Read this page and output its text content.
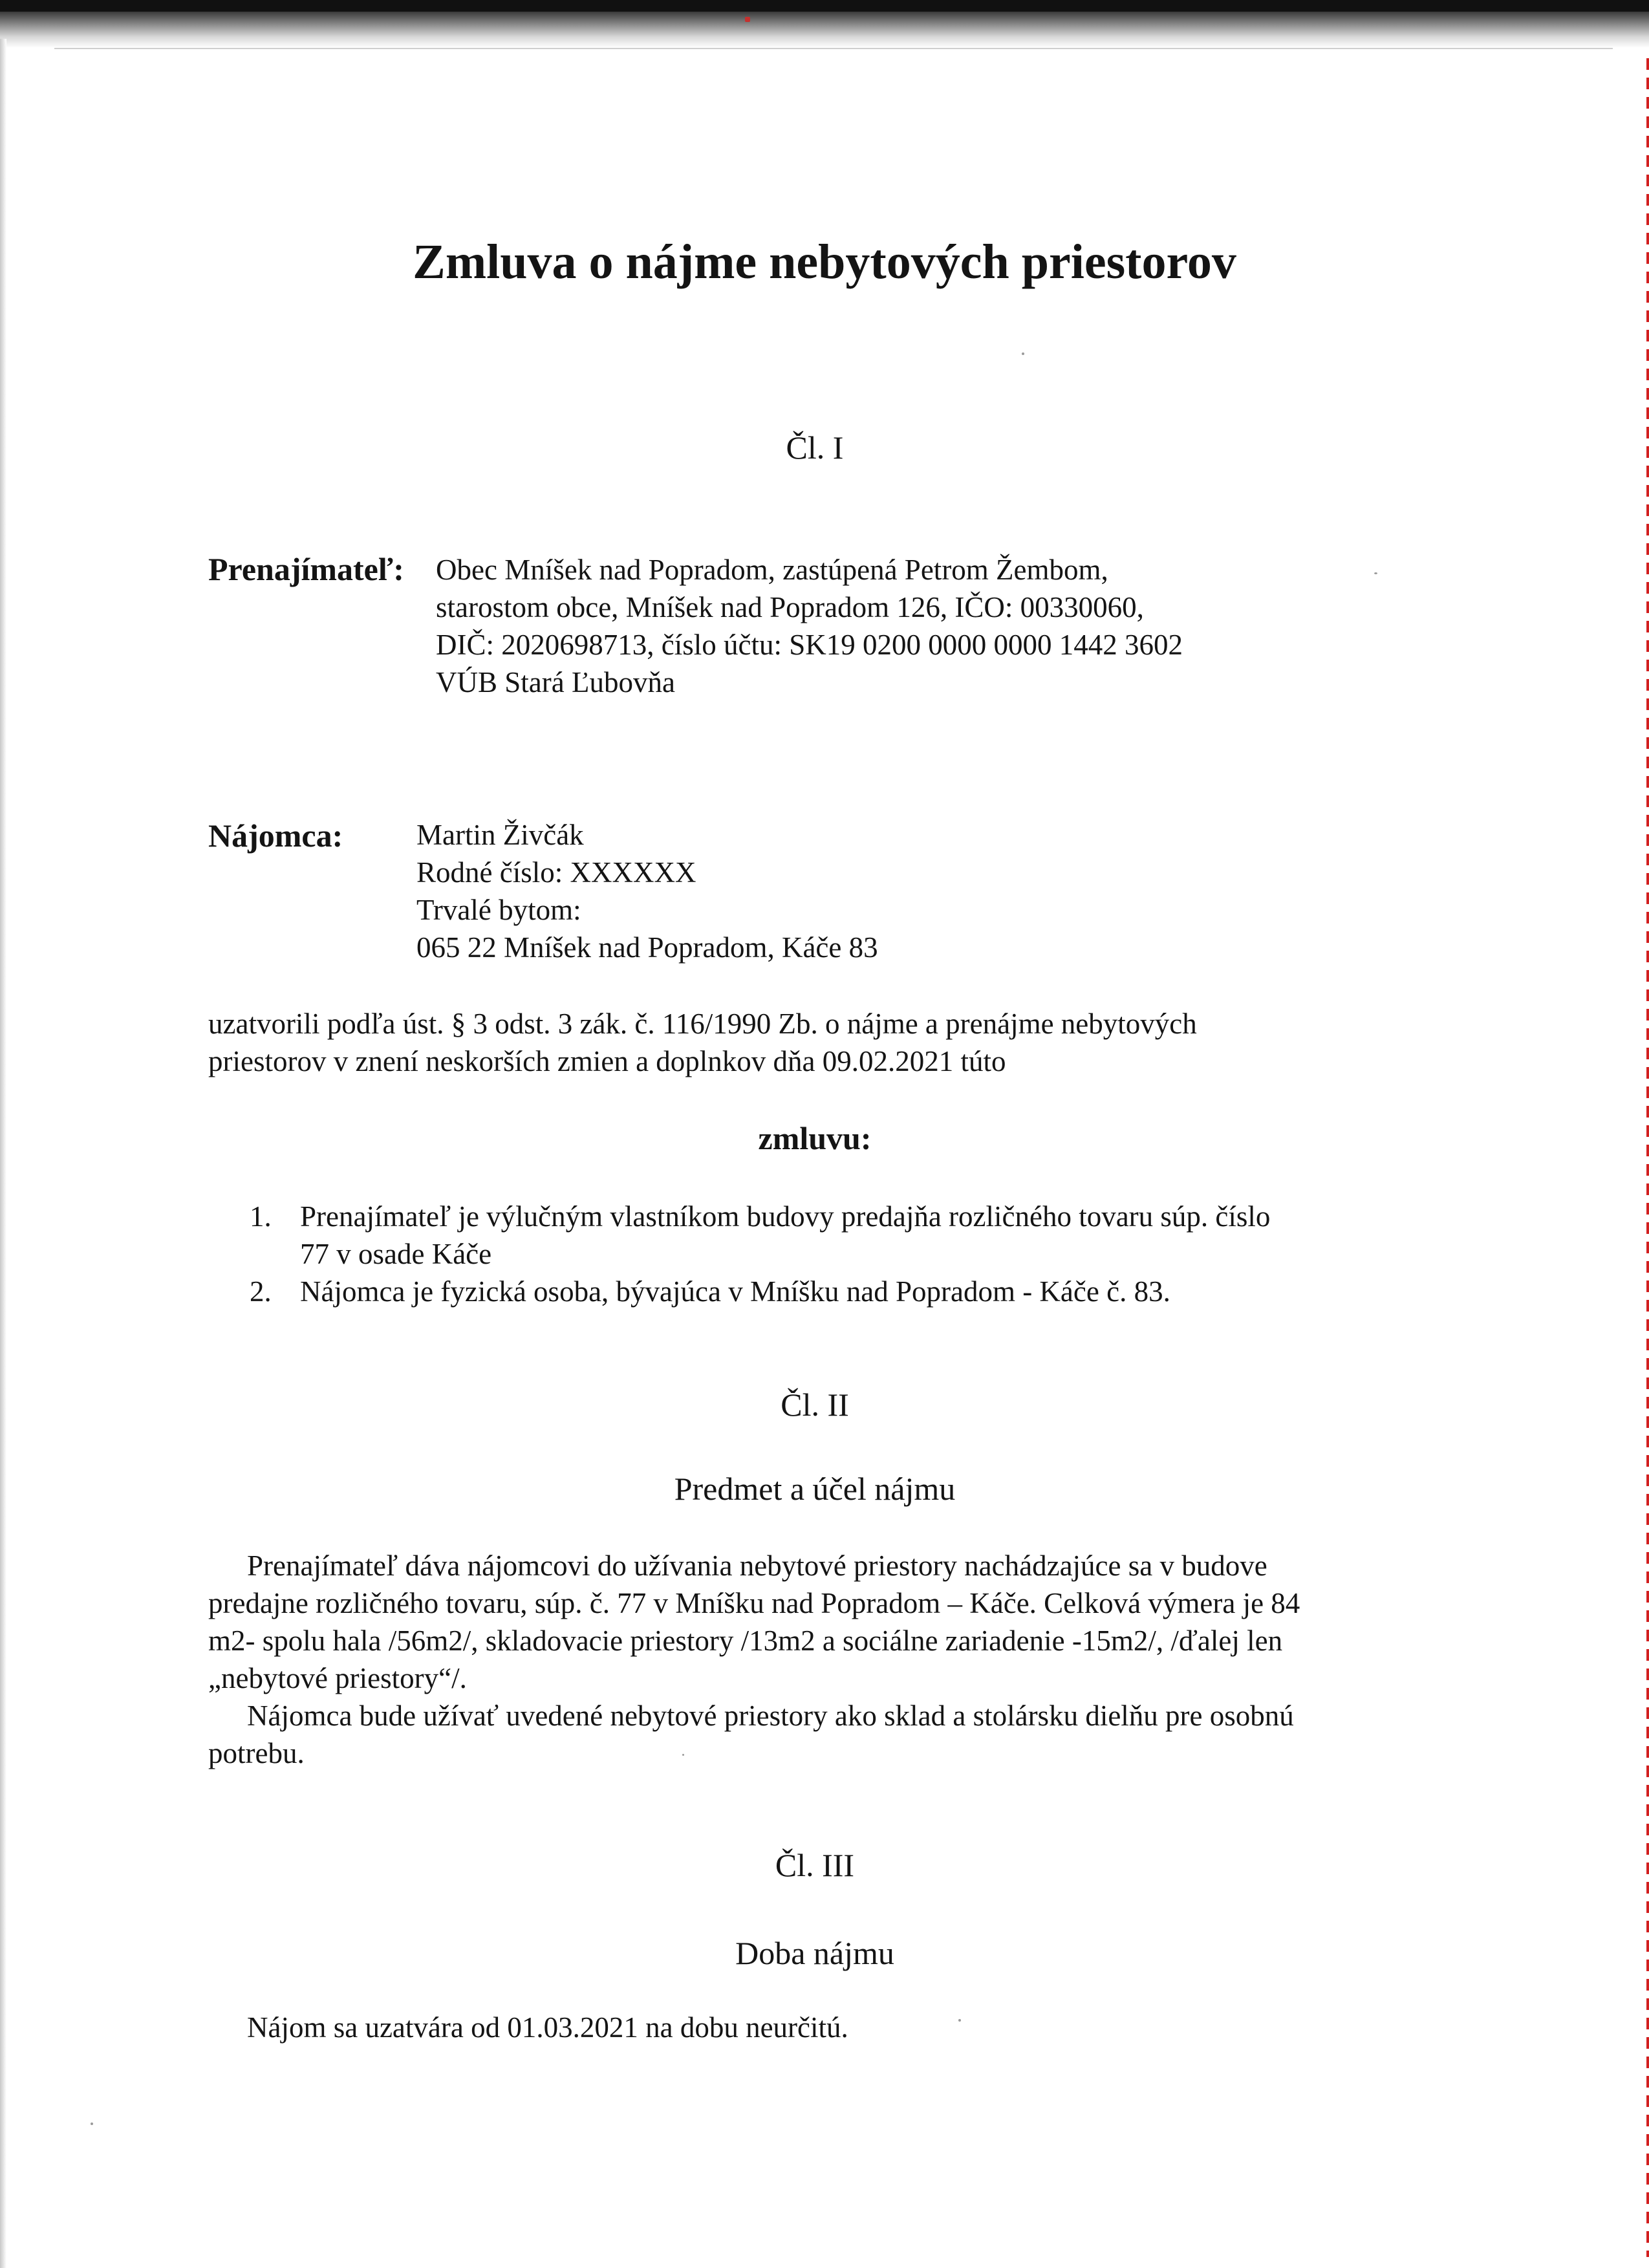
Zmluva o nájme nebytových priestorov
Čl. I
Prenajímateľ: Obec Mníšek nad Popradom, zastúpená Petrom Žembom,
starostom obce, Mníšek nad Popradom 126, IČO: 00330060,
DIČ: 2020698713, číslo účtu: SK19 0200 0000 0000 1442 3602
VÚB Stará Ľubovňa
Nájomca:	Martin Živčák
Rodné číslo: XXXXXX
Trvalé bytom:
065 22 Mníšek nad Popradom, Káče 83
uzatvorili podľa úst. § 3 odst. 3 zák. č. 116/1990 Zb. o nájme a prenájme nebytových
priestorov v znení neskorších zmien a doplnkov dňa 09.02.2021 túto
zmluvu:
1. Prenajímateľ je výlučným vlastníkom budovy predajňa rozličného tovaru súp. číslo
77 v osade Káče
2. Nájomca je fyzická osoba, bývajúca v Mníšku nad Popradom - Káče č. 83.
Čl. II
Predmet a účel nájmu
Prenajímateľ dáva nájomcovi do užívania nebytové priestory nachádzajúce sa v budove
predajne rozličného tovaru, súp. č. 77 v Mníšku nad Popradom – Káče. Celková výmera je 84
m2- spolu hala /56m2/, skladovacie priestory /13m2 a sociálne zariadenie -15m2/, /ďalej len
„nebytové priestory“/.
Nájomca bude užívať uvedené nebytové priestory ako sklad a stolársku dielňu pre osobnú
potrebu.
Čl. III
Doba nájmu
Nájom sa uzatvára od 01.03.2021 na dobu neurčitú.
